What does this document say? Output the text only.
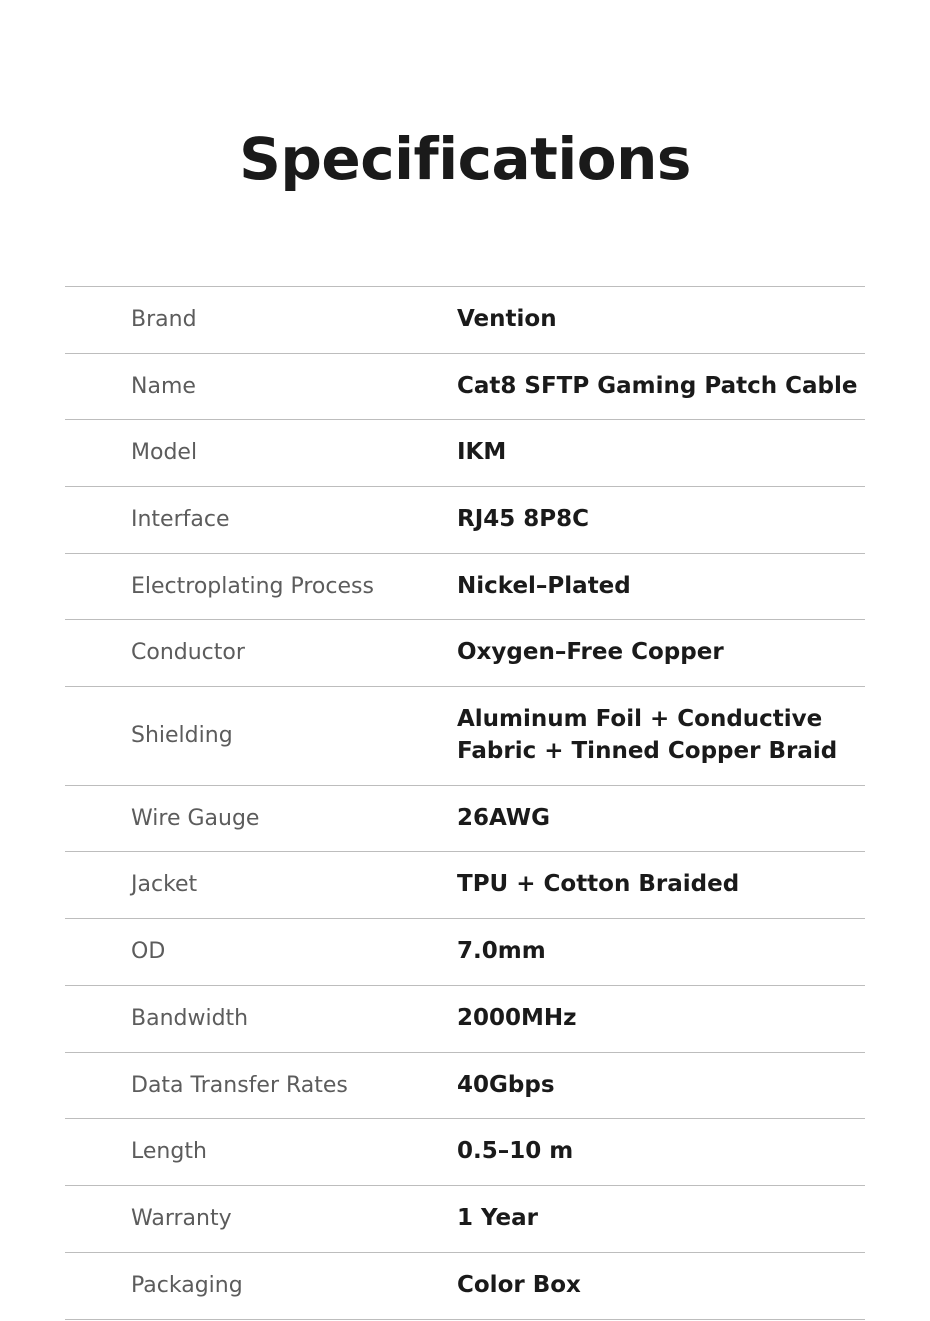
Specifications
Brand	Vention
Name	Cat8 SFTP Gaming Patch Cable
Model	IKM
Interface	RJ45 8P8C
Electroplating Process	Nickel–Plated
Conductor	Oxygen–Free Copper
Shielding	Aluminum Foil + Conductive
Fabric + Tinned Copper Braid

Wire Gauge	26AWG
Jacket	TPU + Cotton Braided
OD	7.0mm
Bandwidth	2000MHz
Data Transfer Rates	40Gbps
Length	0.5–10 m
Warranty	1 Year
Packaging	Color Box
